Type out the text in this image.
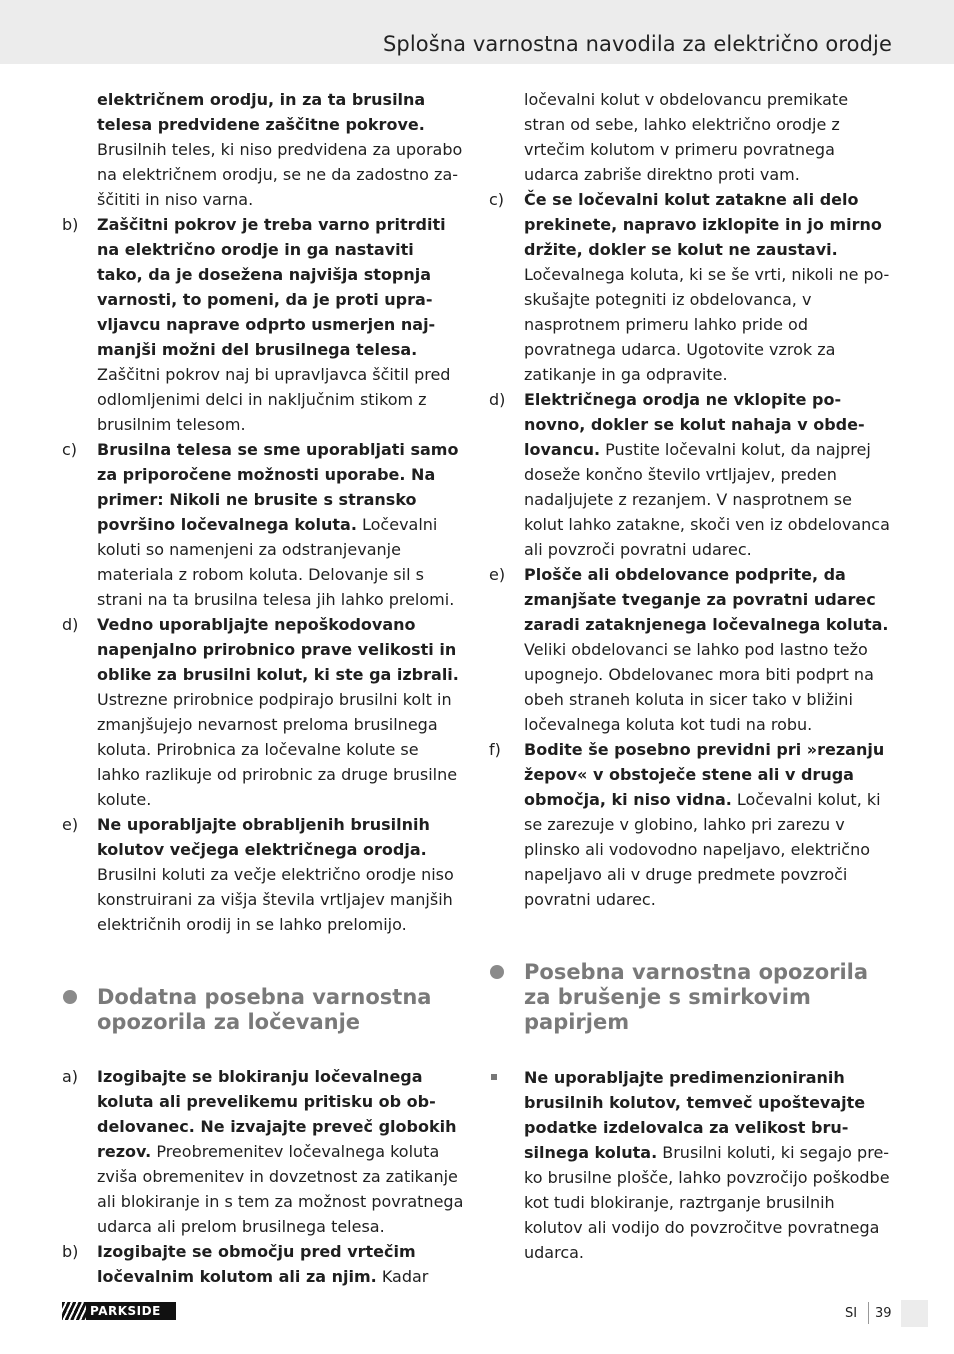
Splošna varnostna navodila za električno orodje
električnem orodju, in za ta brusilna telesa predvidene zaščitne pokrove. Brusilnih teles, ki niso predvidena za uporabo na električnem orodju, se ne da zadostno zaščititi in niso varna.
b) Zaščitni pokrov je treba varno pritrditi na električno orodje in ga nastaviti tako, da je dosežena najvišja stopnja varnosti, to pomeni, da je proti upravljavcu naprave odprto usmerjen najmanjši možni del brusilnega telesa. Zaščitni pokrov naj bi upravljavca ščitil pred odlomljenimi delci in naključnim stikom z brusilnim telesom.
c) Brusilna telesa se sme uporabljati samo za priporočene možnosti uporabe. Na primer: Nikoli ne brusite s stransko površino ločevalnega koluta. Ločevalni koluti so namenjeni za odstranjevanje materiala z robom koluta. Delovanje sil s strani na ta brusilna telesa jih lahko prelomi.
d) Vedno uporabljajte nepoškodovano napenjalno prirobnico prave velikosti in oblike za brusilni kolut, ki ste ga izbrali. Ustrezne prirobnice podpirajo brusilni kolt in zmanjšujejo nevarnost preloma brusilnega koluta. Prirobnica za ločevalne kolute se lahko razlikuje od prirobnic za druge brusilne kolute.
e) Ne uporabljajte obrabljenih brusilnih kolutov večjega električnega orodja. Brusilni koluti za večje električno orodje niso konstruirani za višja števila vrtljajev manjših električnih orodij in se lahko prelomijo.
Dodatna posebna varnostna opozorila za ločevanje
a) Izogibajte se blokiranju ločevalnega koluta ali prevelikemu pritisku ob obdelovanec. Ne izvajajte prevеč globokih rezov. Preobremenitev ločevalnega koluta zviša obremenitev in dovzetnost za zatikanje ali blokiranje in s tem za možnost povratnega udarca ali prelom brusilnega telesa.
b) Izogibajte se območju pred vrtečim ločevalnim kolutom ali za njim. Kadar
ločevalni kolut v obdelovancu premikate stran od sebe, lahko električno orodje z vrtečim kolutom v primeru povratnega udarca zabriše direktno proti vam.
c) Če se ločevalni kolut zatakne ali delo prekinete, napravo izklopite in jo mirno držite, dokler se kolut ne zaustavi. Ločevalnega koluta, ki se še vrti, nikoli ne poskušajte potegniti iz obdelovanca, v nasprotnem primeru lahko pride od povratnega udarca. Ugotovite vzrok za zatikanje in ga odpravite.
d) Električnega orodja ne vklopite ponovno, dokler se kolut nahaja v obdelovancu. Pustite ločevalni kolut, da najprej doseže končno število vrtljajev, preden nadaljujete z rezanjem. V nasprotnem se kolut lahko zatakne, skoči ven iz obdelovanca ali povzroči povratni udarec.
e) Plošče ali obdelovance podprite, da zmanjšate tveganje za povratni udarec zaradi zataknjenega ločevalnega koluta. Veliki obdelovanci se lahko pod lastno težo upognejo. Obdelovanec mora biti podprt na obeh straneh koluta in sicer tako v bližini ločevalnega koluta kot tudi na robu.
f) Bodite še posebno previdni pri »rezanju žepov« v obstoječe stene ali v druga območja, ki niso vidna. Ločevalni kolut, ki se zarezuje v globino, lahko pri zarezu v plinsko ali vodovodno napeljavo, električno napeljavo ali v druge predmete povzroči povratni udarec.
Posebna varnostna opozorila za brušenje s smirkovim papirjem
Ne uporabljajte predimenzioniranih brusilnih kolutov, temveč upoštevajte podatke izdelovalca za velikost brusilnega koluta. Brusilni koluti, ki segajo preko brusilne plošče, lahko povzročijo poškodbe kot tudi blokiranje, raztrganje brusilnih kolutov ali vodijo do povzročitve povratnega udarca.
PARKSIDE	SI 39
